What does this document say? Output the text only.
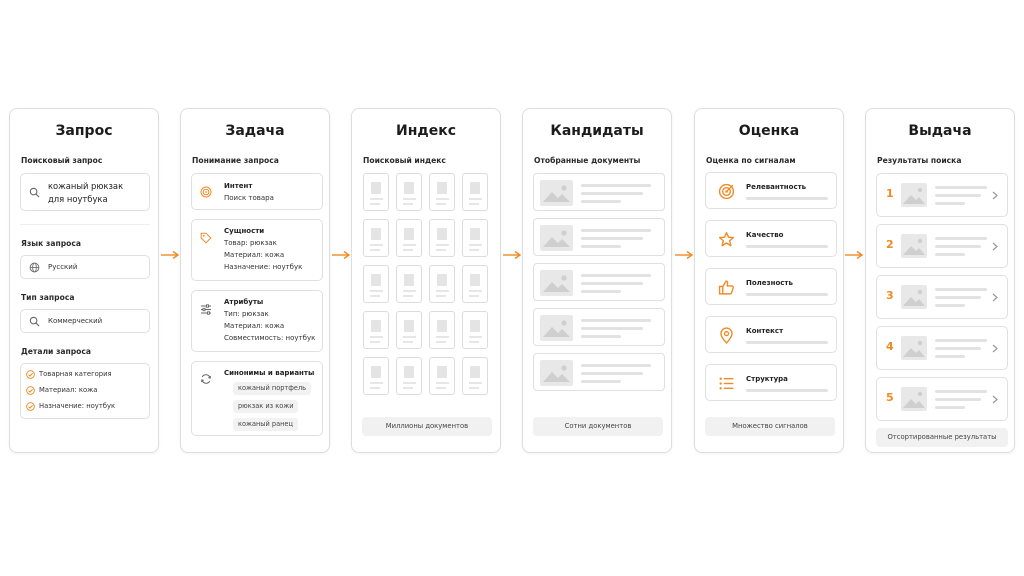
Запрос
Поисковый запрос
кожаный рюкзак
для ноутбука
Язык запроса
Русский
Тип запроса
Коммерческий
Детали запроса
Товарная категория
Материал: кожа
Назначение: ноутбук
Задача
Понимание запроса
Интент
Поиск товара
Сущности
Товар: рюкзак
Материал: кожа
Назначение: ноутбук
Атрибуты
Тип: рюкзак
Материал: кожа
Совместимость: ноутбук
Синонимы и варианты
кожаный портфель
рюкзак из кожи
кожаный ранец
Индекс
Поисковый индекс
Миллионы документов
Кандидаты
Отобранные документы
Сотни документов
Оценка
Оценка по сигналам
Релевантность
Качество
Полезность
Контекст
Структура
Множество сигналов
Выдача
Результаты поиска
Отсортированные результаты
1
2
3
4
5
